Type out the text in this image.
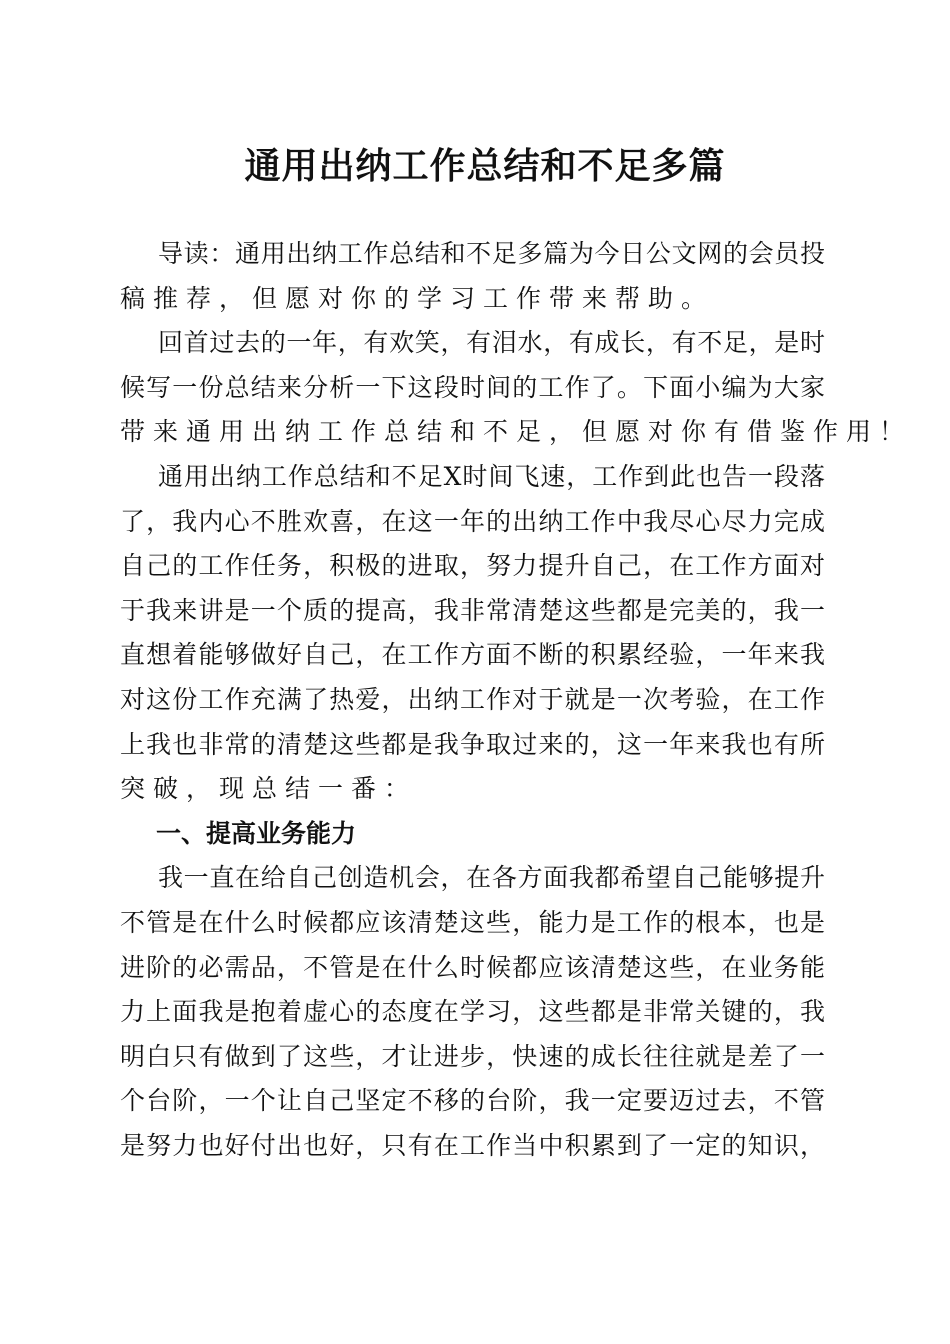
通用出纳工作总结和不足多篇
导读：通用出纳工作总结和不足多篇为今日公文网的会员投
稿推荐，但愿对你的学习工作带来帮助。
回首过去的一年，有欢笑，有泪水，有成长，有不足，是时
候写一份总结来分析一下这段时间的工作了。下面小编为大家
带来通用出纳工作总结和不足，但愿对你有借鉴作用！
通用出纳工作总结和不足X时间飞速，工作到此也告一段落
了，我内心不胜欢喜，在这一年的出纳工作中我尽心尽力完成
自己的工作任务，积极的进取，努力提升自己，在工作方面对
于我来讲是一个质的提高，我非常清楚这些都是完美的，我一
直想着能够做好自己，在工作方面不断的积累经验，一年来我
对这份工作充满了热爱，出纳工作对于就是一次考验，在工作
上我也非常的清楚这些都是我争取过来的，这一年来我也有所
突破，现总结一番：
一、提高业务能力
我一直在给自己创造机会，在各方面我都希望自己能够提升
不管是在什么时候都应该清楚这些，能力是工作的根本，也是
进阶的必需品，不管是在什么时候都应该清楚这些，在业务能
力上面我是抱着虚心的态度在学习，这些都是非常关键的，我
明白只有做到了这些，才让进步，快速的成长往往就是差了一
个台阶，一个让自己坚定不移的台阶，我一定要迈过去，不管
是努力也好付出也好，只有在工作当中积累到了一定的知识，
